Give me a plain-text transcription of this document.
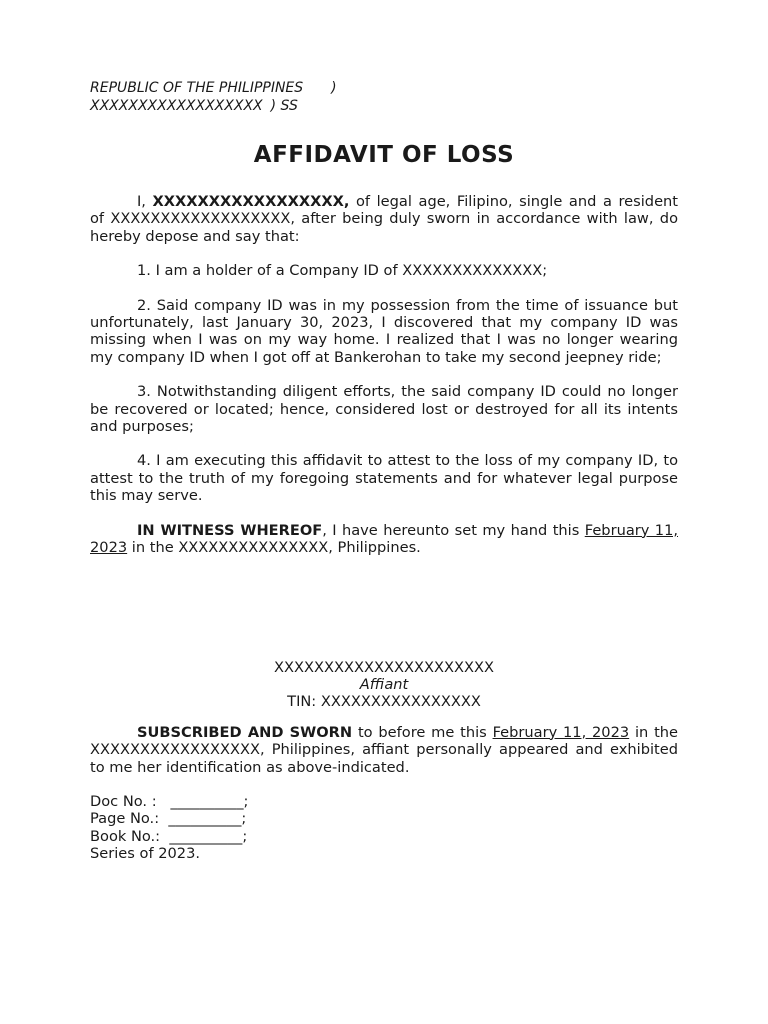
REPUBLIC OF THE PHILIPPINES )
XXXXXXXXXXXXXXXXXX ) SS
AFFIDAVIT OF LOSS

I, XXXXXXXXXXXXXXXXX, of legal age, Filipino, single and a resident of XXXXXXXXXXXXXXXXXX, after being duly sworn in accordance with law, do hereby depose and say that:

1. I am a holder of a Company ID of XXXXXXXXXXXXXX;

2. Said company ID was in my possession from the time of issuance but unfortunately, last January 30, 2023, I discovered that my company ID was missing when I was on my way home. I realized that I was no longer wearing my company ID when I got off at Bankerohan to take my second jeepney ride;

3. Notwithstanding diligent efforts, the said company ID could no longer be recovered or located; hence, considered lost or destroyed for all its intents and purposes;

4. I am executing this affidavit to attest to the loss of my company ID, to attest to the truth of my foregoing statements and for whatever legal purpose this may serve.

IN WITNESS WHEREOF, I have hereunto set my hand this February 11, 2023 in the XXXXXXXXXXXXXXX, Philippines.

XXXXXXXXXXXXXXXXXXXXXX
Affiant
TIN: XXXXXXXXXXXXXXXX

SUBSCRIBED AND SWORN to before me this February 11, 2023 in the XXXXXXXXXXXXXXXXX, Philippines, affiant personally appeared and exhibited to me her identification as above-indicated.

Doc No. :   __________;
Page No.:  __________;
Book No.:  __________;
Series of 2023.
